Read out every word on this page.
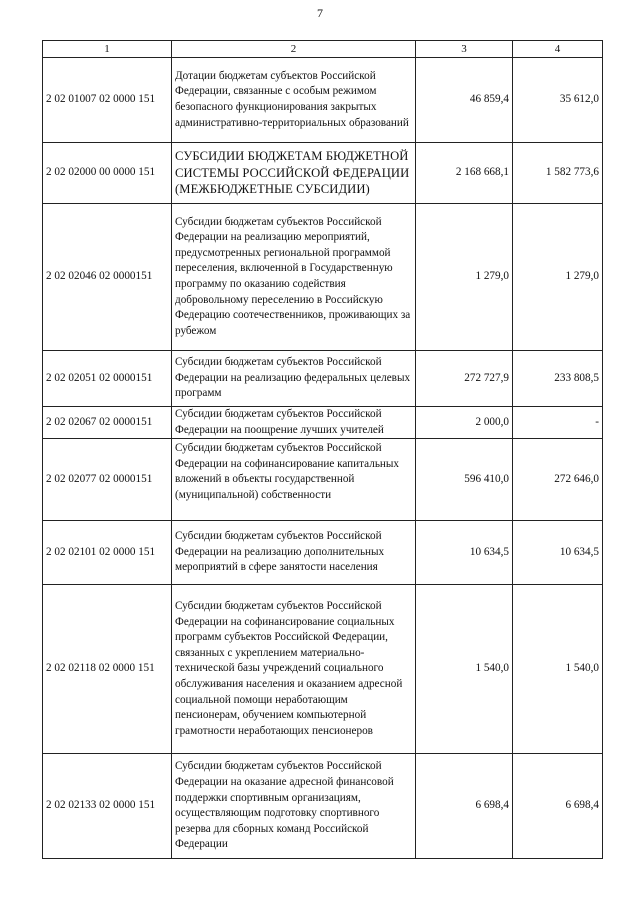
7
1	2	3	4
2 02 01007 02 0000 151	Дотации бюджетам субъектов Российской Федерации, связанные с особым режимом безопасного функционирования закрытых административно-территориальных образований	46 859,4	35 612,0
2 02 02000 00 0000 151	СУБСИДИИ БЮДЖЕТАМ БЮДЖЕТНОЙ СИСТЕМЫ РОССИЙСКОЙ ФЕДЕРАЦИИ (МЕЖБЮДЖЕТНЫЕ СУБСИДИИ)	2 168 668,1	1 582 773,6
2 02 02046 02 0000151	Субсидии бюджетам субъектов Российской Федерации на реализацию мероприятий, предусмотренных региональной программой переселения, включенной в Государственную программу по оказанию содействия добровольному переселению в Российскую Федерацию соотечественников, проживающих за рубежом	1 279,0	1 279,0
2 02 02051 02 0000151	Субсидии бюджетам субъектов Российской Федерации на реализацию федеральных целевых программ	272 727,9	233 808,5
2 02 02067 02 0000151	Субсидии бюджетам субъектов Российской Федерации на поощрение лучших учителей	2 000,0	-
2 02 02077 02 0000151	Субсидии бюджетам субъектов Российской Федерации на софинансирование капитальных вложений в объекты государственной (муниципальной) собственности	596 410,0	272 646,0
2 02 02101 02 0000 151	Субсидии бюджетам субъектов Российской Федерации на реализацию дополнительных мероприятий в сфере занятости населения	10 634,5	10 634,5
2 02 02118 02 0000 151	Субсидии бюджетам субъектов Российской Федерации на софинансирование социальных программ субъектов Российской Федерации, связанных с укреплением материально-технической базы учреждений социального обслуживания населения и оказанием адресной социальной помощи неработающим пенсионерам, обучением компьютерной грамотности неработающих пенсионеров	1 540,0	1 540,0
2 02 02133 02 0000 151	Субсидии бюджетам субъектов Российской Федерации на оказание адресной финансовой поддержки спортивным организациям, осуществляющим подготовку спортивного резерва для сборных команд Российской Федерации	6 698,4	6 698,4
